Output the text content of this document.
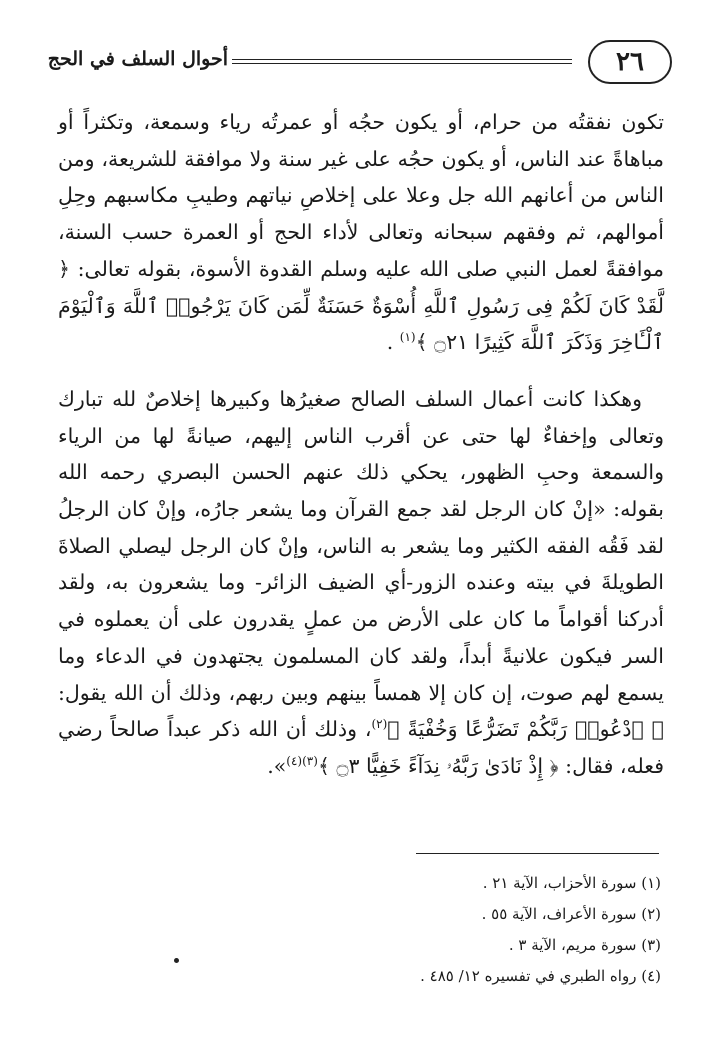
٢٦
أحوال السلف في الحج

تكون نفقتُه من حرام، أو يكون حجُه أو عمرتُه رياء وسمعة، وتكثراً أو مباهاةً عند الناس، أو يكون حجُه على غير سنة ولا موافقة للشريعة، ومن الناس من أعانهم الله جل وعلا على إخلاصِ نياتهم وطيبِ مكاسبهم وحِلِ أموالهم، ثم وفقهم سبحانه وتعالى لأداء الحج أو العمرة حسب السنة، موافقةً لعمل النبي صلى الله عليه وسلم القدوة الأسوة، بقوله تعالى: ﴿ لَّقَدْ كَانَ لَكُمْ فِى رَسُولِ ٱللَّهِ أُسْوَةٌ حَسَنَةٌ لِّمَن كَانَ يَرْجُوا۟ ٱللَّهَ وَٱلْيَوْمَ ٱلْـَٔاخِرَ وَذَكَرَ ٱللَّهَ كَثِيرًا ۝٢١ ﴾$^{(١)}$ .

وهكذا كانت أعمال السلف الصالح صغيرُها وكبيرها إخلاصٌ لله تبارك وتعالى وإخفاءٌ لها حتى عن أقرب الناس إليهم، صيانةً لها من الرياء والسمعة وحبِ الظهور، يحكي ذلك عنهم الحسن البصري رحمه الله بقوله: «إنْ كان الرجل لقد جمع القرآن وما يشعر جارُه، وإنْ كان الرجلُ لقد فَقُه الفقه الكثير وما يشعر به الناس، وإنْ كان الرجل ليصلي الصلاةَ الطويلةَ في بيته وعنده الزور-أي الضيف الزائر- وما يشعرون به، ولقد أدركنا أقواماً ما كان على الأرض من عملٍ يقدرون على أن يعملوه في السر فيكون علانيةً أبداً، ولقد كان المسلمون يجتهدون في الدعاء وما يسمع لهم صوت، إن كان إلا همساً بينهم وبين ربهم، وذلك أن الله يقول: ﴿ ٱدْعُوا۟ رَبَّكُمْ تَضَرُّعًا وَخُفْيَةً ﴾$^{(٢)}$، وذلك أن الله ذكر عبداً صالحاً رضي فعله، فقال: ﴿ إِذْ نَادَىٰ رَبَّهُۥ نِدَآءً خَفِيًّا ۝٣ ﴾$^{(٣)(٤)}$».

(١) سورة الأحزاب، الآية ٢١ .

(٢) سورة الأعراف، الآية ٥٥ .

(٣) سورة مريم، الآية ٣ .

(٤) رواه الطبري في تفسيره ١٢/ ٤٨٥ .
